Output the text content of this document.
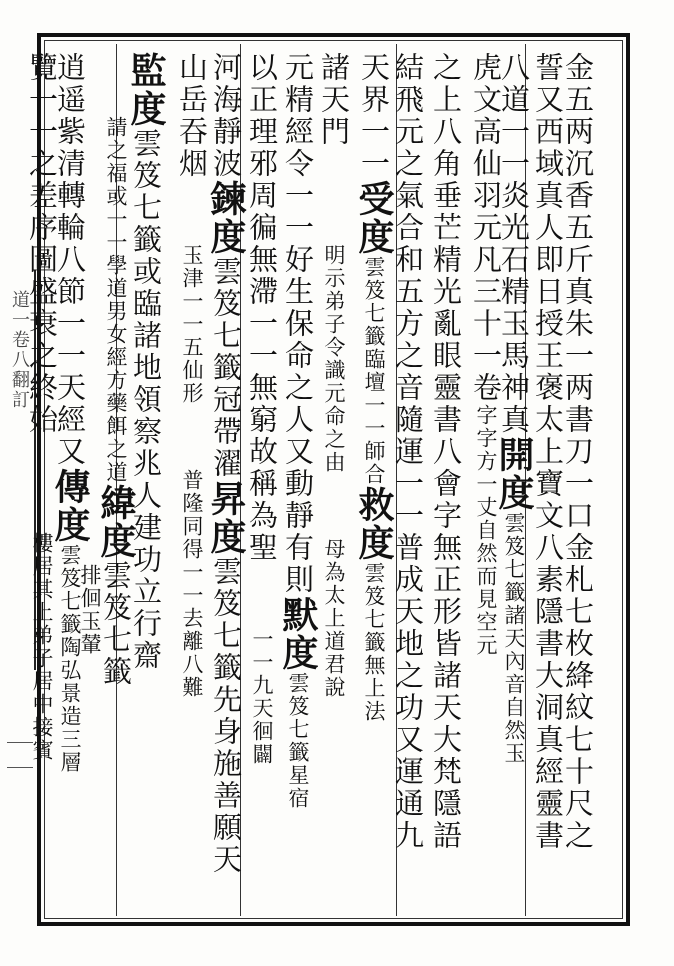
道⼀卷八翻訂	金五两沉香五斤真朱一两書刀一口金札七枚絳紋七十尺之
誓又西域真人即日授王褒太上寶文八素隱書大洞真經靈書
八道一一炎光石精玉馬神真開度雲笈七籤諸天內音自然玉
虎文高仙羽元凡三十一卷字字方一丈自然而見空元
之上八角垂芒精光亂眼靈書八會字無正形皆諸天大梵隱語
結飛元之氣合和五方之音隨運一一普成天地之功又運通九
天界一一受度雲笈七籤臨壇一一師合救度雲笈七籤無上法
諸天門　　　明示弟子令識元命之由　　母為太上道君說
元精經令一一好生保命之人又動靜有則默度雲笈七籤星宿
以正理邪周徧無滯一一無窮故稱為聖　　一一九天徊闢
河海靜波鍊度雲笈七籤冠帶濯昇度雲笈七籤先身施善願天
山岳吞烟　　玉津一一五仙形　　普隆同得一一去離八難
監度雲笈七籤或臨諸地領察兆人建功立行齋
　　請之福或一一學道男女經方藥餌之道緯度雲笈七籤
　　　　　　　　　　　　　　　　排佪玉輦
逍遥紫清轉輪八節一一天經又傳度雲笈七籤陶弘景造三層
覽一一之差序圖盛衰之終始　　　樓居其上弟子居中接賓
